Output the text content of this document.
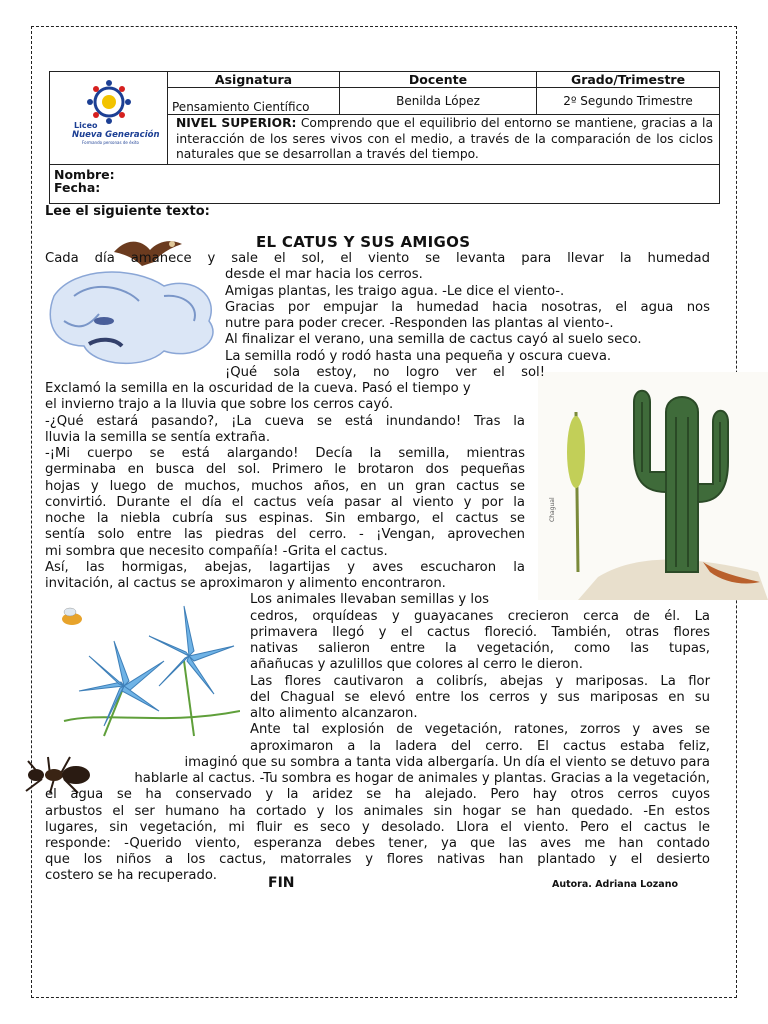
Liceo
Nueva Generación
Formando personas de éxito	Asignatura	Docente	Grado/Trimestre
	Pensamiento Científico	Benilda López	2º Segundo Trimestre
	NIVEL SUPERIOR: Comprendo que el equilibrio del entorno se mantiene, gracias a la interacción de los seres vivos con el medio, a través de la comparación de los ciclos naturales que se desarrollan a través del tiempo.		

Nombre:
Fecha:			
Lee el siguiente texto:
EL CATUS Y SUS AMIGOS
Chagual
Cada día amanece y sale el sol, el viento se levanta para llevar la humedad
desde el mar hacia los cerros.
Amigas plantas, les traigo agua. -Le dice el viento-.
Gracias por empujar la humedad hacia nosotras, el agua nos
nutre para poder crecer. -Responden las plantas al viento-.
Al finalizar el verano, una semilla de cactus cayó al suelo seco.
La semilla rodó y rodó hasta una pequeña y oscura cueva.
¡Qué sola estoy, no logro ver el sol!
Exclamó la semilla en la oscuridad de la cueva. Pasó el tiempo y
el invierno trajo a la lluvia que sobre los cerros cayó.
-¿Qué estará pasando?, ¡La cueva se está inundando! Tras la
lluvia la semilla se sentía extraña.
-¡Mi cuerpo se está alargando! Decía la semilla, mientras
germinaba en busca del sol. Primero le brotaron dos pequeñas
hojas y luego de muchos, muchos años, en un gran cactus se
convirtió. Durante el día el cactus veía pasar al viento y por la
noche la niebla cubría sus espinas. Sin embargo, el cactus se
sentía solo entre las piedras del cerro. - ¡Vengan, aprovechen
mi sombra que necesito compañía! -Grita el cactus.
Así, las hormigas, abejas, lagartijas y aves escucharon la
invitación, al cactus se aproximaron y alimento encontraron.
Los animales llevaban semillas y los
cedros, orquídeas y guayacanes crecieron cerca de él. La
primavera llegó y el cactus floreció. También, otras flores
nativas salieron entre la vegetación, como las tupas,
añañucas y azulillos que colores al cerro le dieron.
Las flores cautivaron a colibrís, abejas y mariposas. La flor
del Chagual se elevó entre los cerros y sus mariposas en su
alto alimento alcanzaron.
Ante tal explosión de vegetación, ratones, zorros y aves se
aproximaron a la ladera del cerro. El cactus estaba feliz,
imaginó que su sombra a tanta vida albergaría. Un día el viento se detuvo para
hablarle al cactus. -Tu sombra es hogar de animales y plantas. Gracias a la vegetación,
el agua se ha conservado y la aridez se ha alejado. Pero hay otros cerros cuyos
arbustos el ser humano ha cortado y los animales sin hogar se han quedado. -En estos
lugares, sin vegetación, mi fluir es seco y desolado. Llora el viento. Pero el cactus le
responde: -Querido viento, esperanza debes tener, ya que las aves me han contado
que los niños a los cactus, matorrales y flores nativas han plantado y el desierto
costero se ha recuperado.	FIN	Autora. Adriana Lozano
